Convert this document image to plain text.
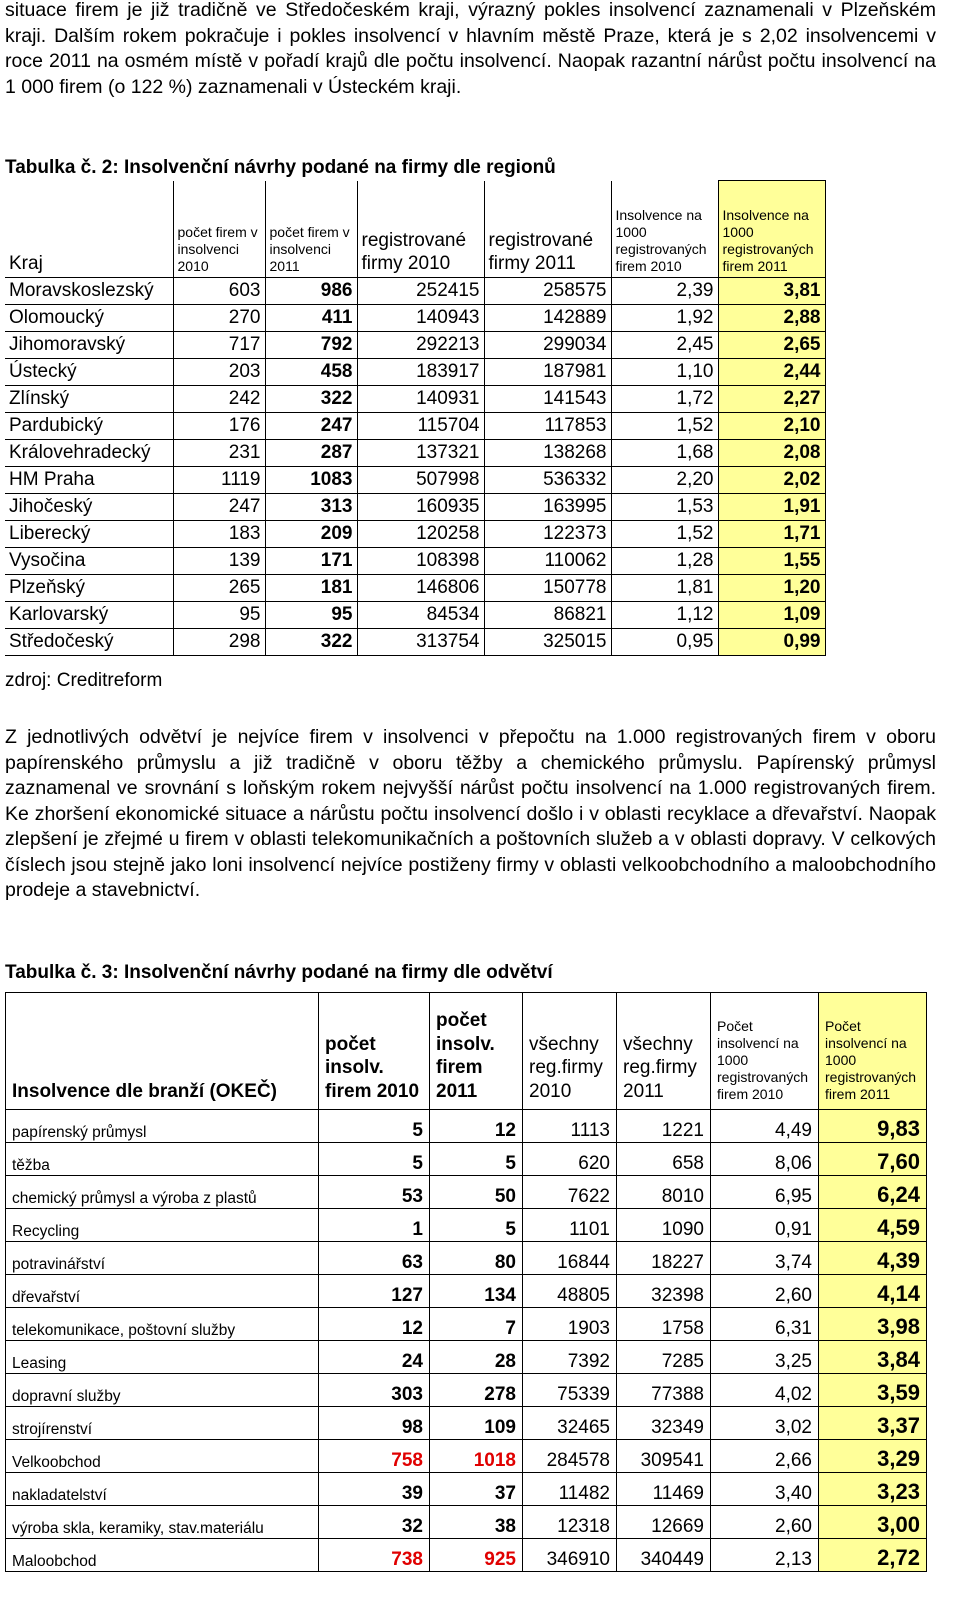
situace firem je již tradičně ve Středočeském kraji, výrazný pokles insolvencí zaznamenali v Plzeňském kraji. Dalším rokem pokračuje i pokles insolvencí v hlavním městě Praze, která je s 2,02 insolvencemi v roce 2011 na osmém místě v pořadí krajů dle počtu insolvencí. Naopak razantní nárůst počtu insolvencí na 1 000 firem (o 122 %) zaznamenali v Ústeckém kraji.

Tabulka č. 2: Insolvenční návrhy podané na firmy dle regionů

Kraj	počet firem v insolvenci 2010	počet firem v insolvenci 2011	registrované firmy 2010	registrované firmy 2011	Insolvence na 1000 registrovaných firem 2010	Insolvence na 1000 registrovaných firem 2011
Moravskoslezský	603	986	252415	258575	2,39	3,81
Olomoucký	270	411	140943	142889	1,92	2,88
Jihomoravský	717	792	292213	299034	2,45	2,65
Ústecký	203	458	183917	187981	1,10	2,44
Zlínský	242	322	140931	141543	1,72	2,27
Pardubický	176	247	115704	117853	1,52	2,10
Královehradecký	231	287	137321	138268	1,68	2,08
HM Praha	1119	1083	507998	536332	2,20	2,02
Jihočeský	247	313	160935	163995	1,53	1,91
Liberecký	183	209	120258	122373	1,52	1,71
Vysočina	139	171	108398	110062	1,28	1,55
Plzeňský	265	181	146806	150778	1,81	1,20
Karlovarský	95	95	84534	86821	1,12	1,09
Středočeský	298	322	313754	325015	0,95	0,99
zdroj: Creditreform

Z jednotlivých odvětví je nejvíce firem v insolvenci v přepočtu na 1.000 registrovaných firem v oboru papírenského průmyslu a již tradičně v oboru těžby a chemického průmyslu. Papírenský průmysl zaznamenal ve srovnání s loňským rokem nejvyšší nárůst počtu insolvencí na 1.000 registrovaných firem. Ke zhoršení ekonomické situace a nárůstu počtu insolvencí došlo i v oblasti recyklace a dřevařství. Naopak zlepšení je zřejmé u firem v oblasti telekomunikačních a poštovních služeb a v oblasti dopravy. V celkových číslech jsou stejně jako loni insolvencí nejvíce postiženy firmy v oblasti velkoobchodního a maloobchodního prodeje a stavebnictví.

Tabulka č. 3: Insolvenční návrhy podané na firmy dle odvětví

Insolvence dle branží (OKEČ)	počet insolv. firem 2010	počet insolv. firem 2011	všechny reg.firmy 2010	všechny reg.firmy 2011	Počet insolvencí na 1000 registrovaných firem 2010	Počet insolvencí na 1000 registrovaných firem 2011
papírenský průmysl	5	12	1113	1221	4,49	9,83
těžba	5	5	620	658	8,06	7,60
chemický průmysl a výroba z plastů	53	50	7622	8010	6,95	6,24
Recycling	1	5	1101	1090	0,91	4,59
potravinářství	63	80	16844	18227	3,74	4,39
dřevařství	127	134	48805	32398	2,60	4,14
telekomunikace, poštovní služby	12	7	1903	1758	6,31	3,98
Leasing	24	28	7392	7285	3,25	3,84
dopravní služby	303	278	75339	77388	4,02	3,59
strojírenství	98	109	32465	32349	3,02	3,37
Velkoobchod	758	1018	284578	309541	2,66	3,29
nakladatelství	39	37	11482	11469	3,40	3,23
výroba skla, keramiky, stav.materiálu	32	38	12318	12669	2,60	3,00
Maloobchod	738	925	346910	340449	2,13	2,72
